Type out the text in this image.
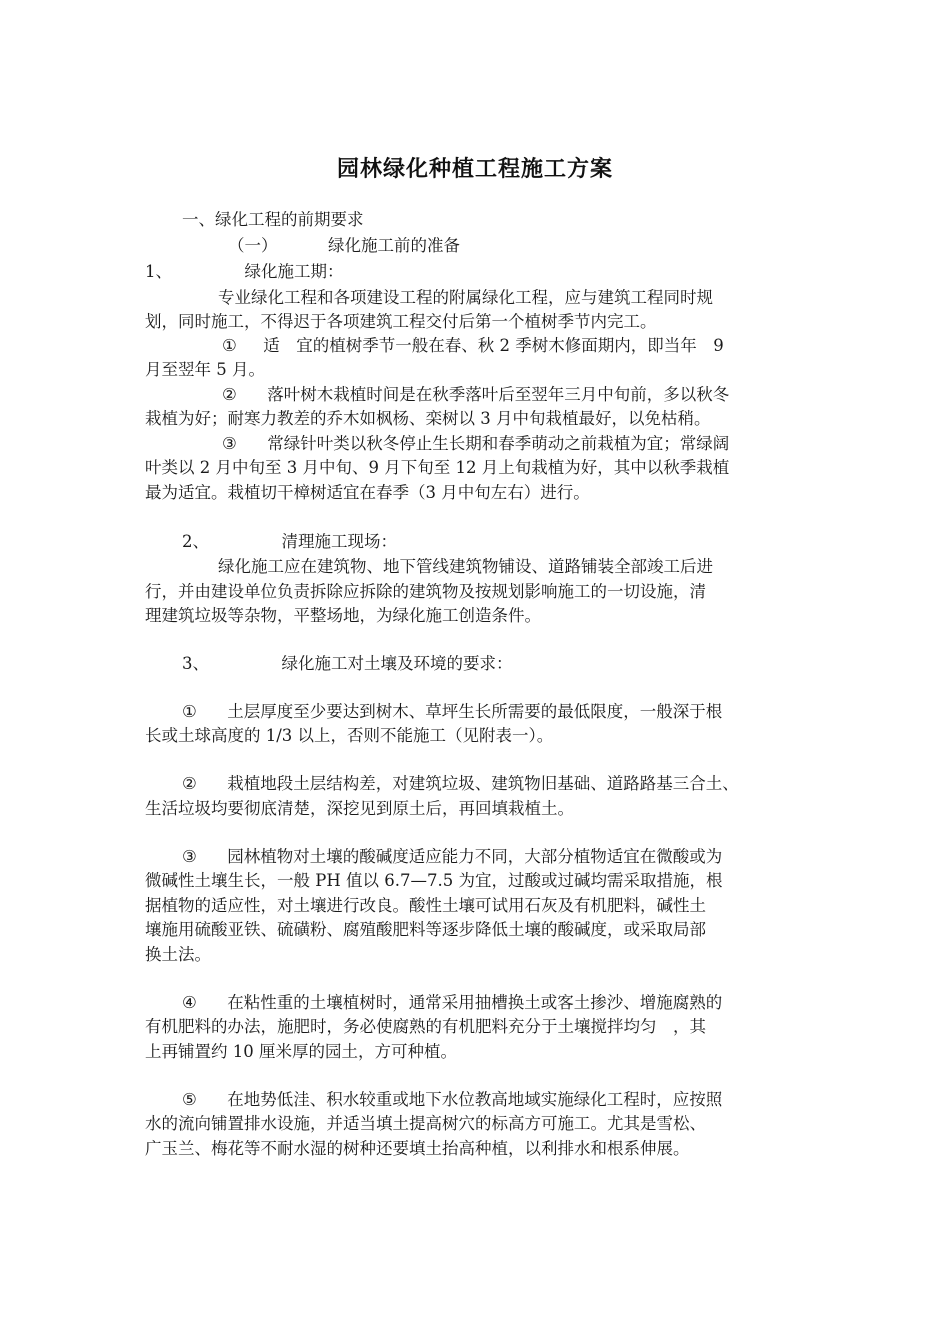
园林绿化种植工程施工方案

一、绿化工程的前期要求

（一）	绿化施工前的准备

1、	绿化施工期：

专业绿化工程和各项建设工程的附属绿化工程，应与建筑工程同时规

划，同时施工，不得迟于各项建筑工程交付后第一个植树季节内完工。

① 适　宜的植树季节一般在春、秋 2 季树木修面期内，即当年　9

月至翌年 5 月。

② 落叶树木栽植时间是在秋季落叶后至翌年三月中旬前，多以秋冬

栽植为好；耐寒力教差的乔木如枫杨、栾树以 3 月中旬栽植最好，以免枯稍。

③ 常绿针叶类以秋冬停止生长期和春季萌动之前栽植为宜；常绿阔

叶类以 2 月中旬至 3 月中旬、9 月下旬至 12 月上旬栽植为好，其中以秋季栽植

最为适宜。栽植切干樟树适宜在春季（3 月中旬左右）进行。

2、	清理施工现场：

绿化施工应在建筑物、地下管线建筑物铺设、道路铺装全部竣工后进

行，并由建设单位负责拆除应拆除的建筑物及按规划影响施工的一切设施，清

理建筑垃圾等杂物，平整场地，为绿化施工创造条件。

3、	绿化施工对土壤及环境的要求：

① 土层厚度至少要达到树木、草坪生长所需要的最低限度，一般深于根

长或土球高度的 1/3 以上，否则不能施工（见附表一）。

② 栽植地段土层结构差，对建筑垃圾、建筑物旧基础、道路路基三合土、

生活垃圾均要彻底清楚，深挖见到原土后，再回填栽植土。

③ 园林植物对土壤的酸碱度适应能力不同，大部分植物适宜在微酸或为

微碱性土壤生长，一般 PH 值以 6.7—7.5 为宜，过酸或过碱均需采取措施，根

据植物的适应性，对土壤进行改良。酸性土壤可试用石灰及有机肥料，碱性土

壤施用硫酸亚铁、硫磺粉、腐殖酸肥料等逐步降低土壤的酸碱度，或采取局部

换土法。

④ 在粘性重的土壤植树时，通常采用抽槽换土或客土掺沙、增施腐熟的

有机肥料的办法，施肥时，务必使腐熟的有机肥料充分于土壤搅拌均匀　，其

上再铺置约 10 厘米厚的园土，方可种植。

⑤ 在地势低洼、积水较重或地下水位教高地域实施绿化工程时，应按照

水的流向铺置排水设施，并适当填土提高树穴的标高方可施工。尤其是雪松、

广玉兰、梅花等不耐水湿的树种还要填土抬高种植，以利排水和根系伸展。
